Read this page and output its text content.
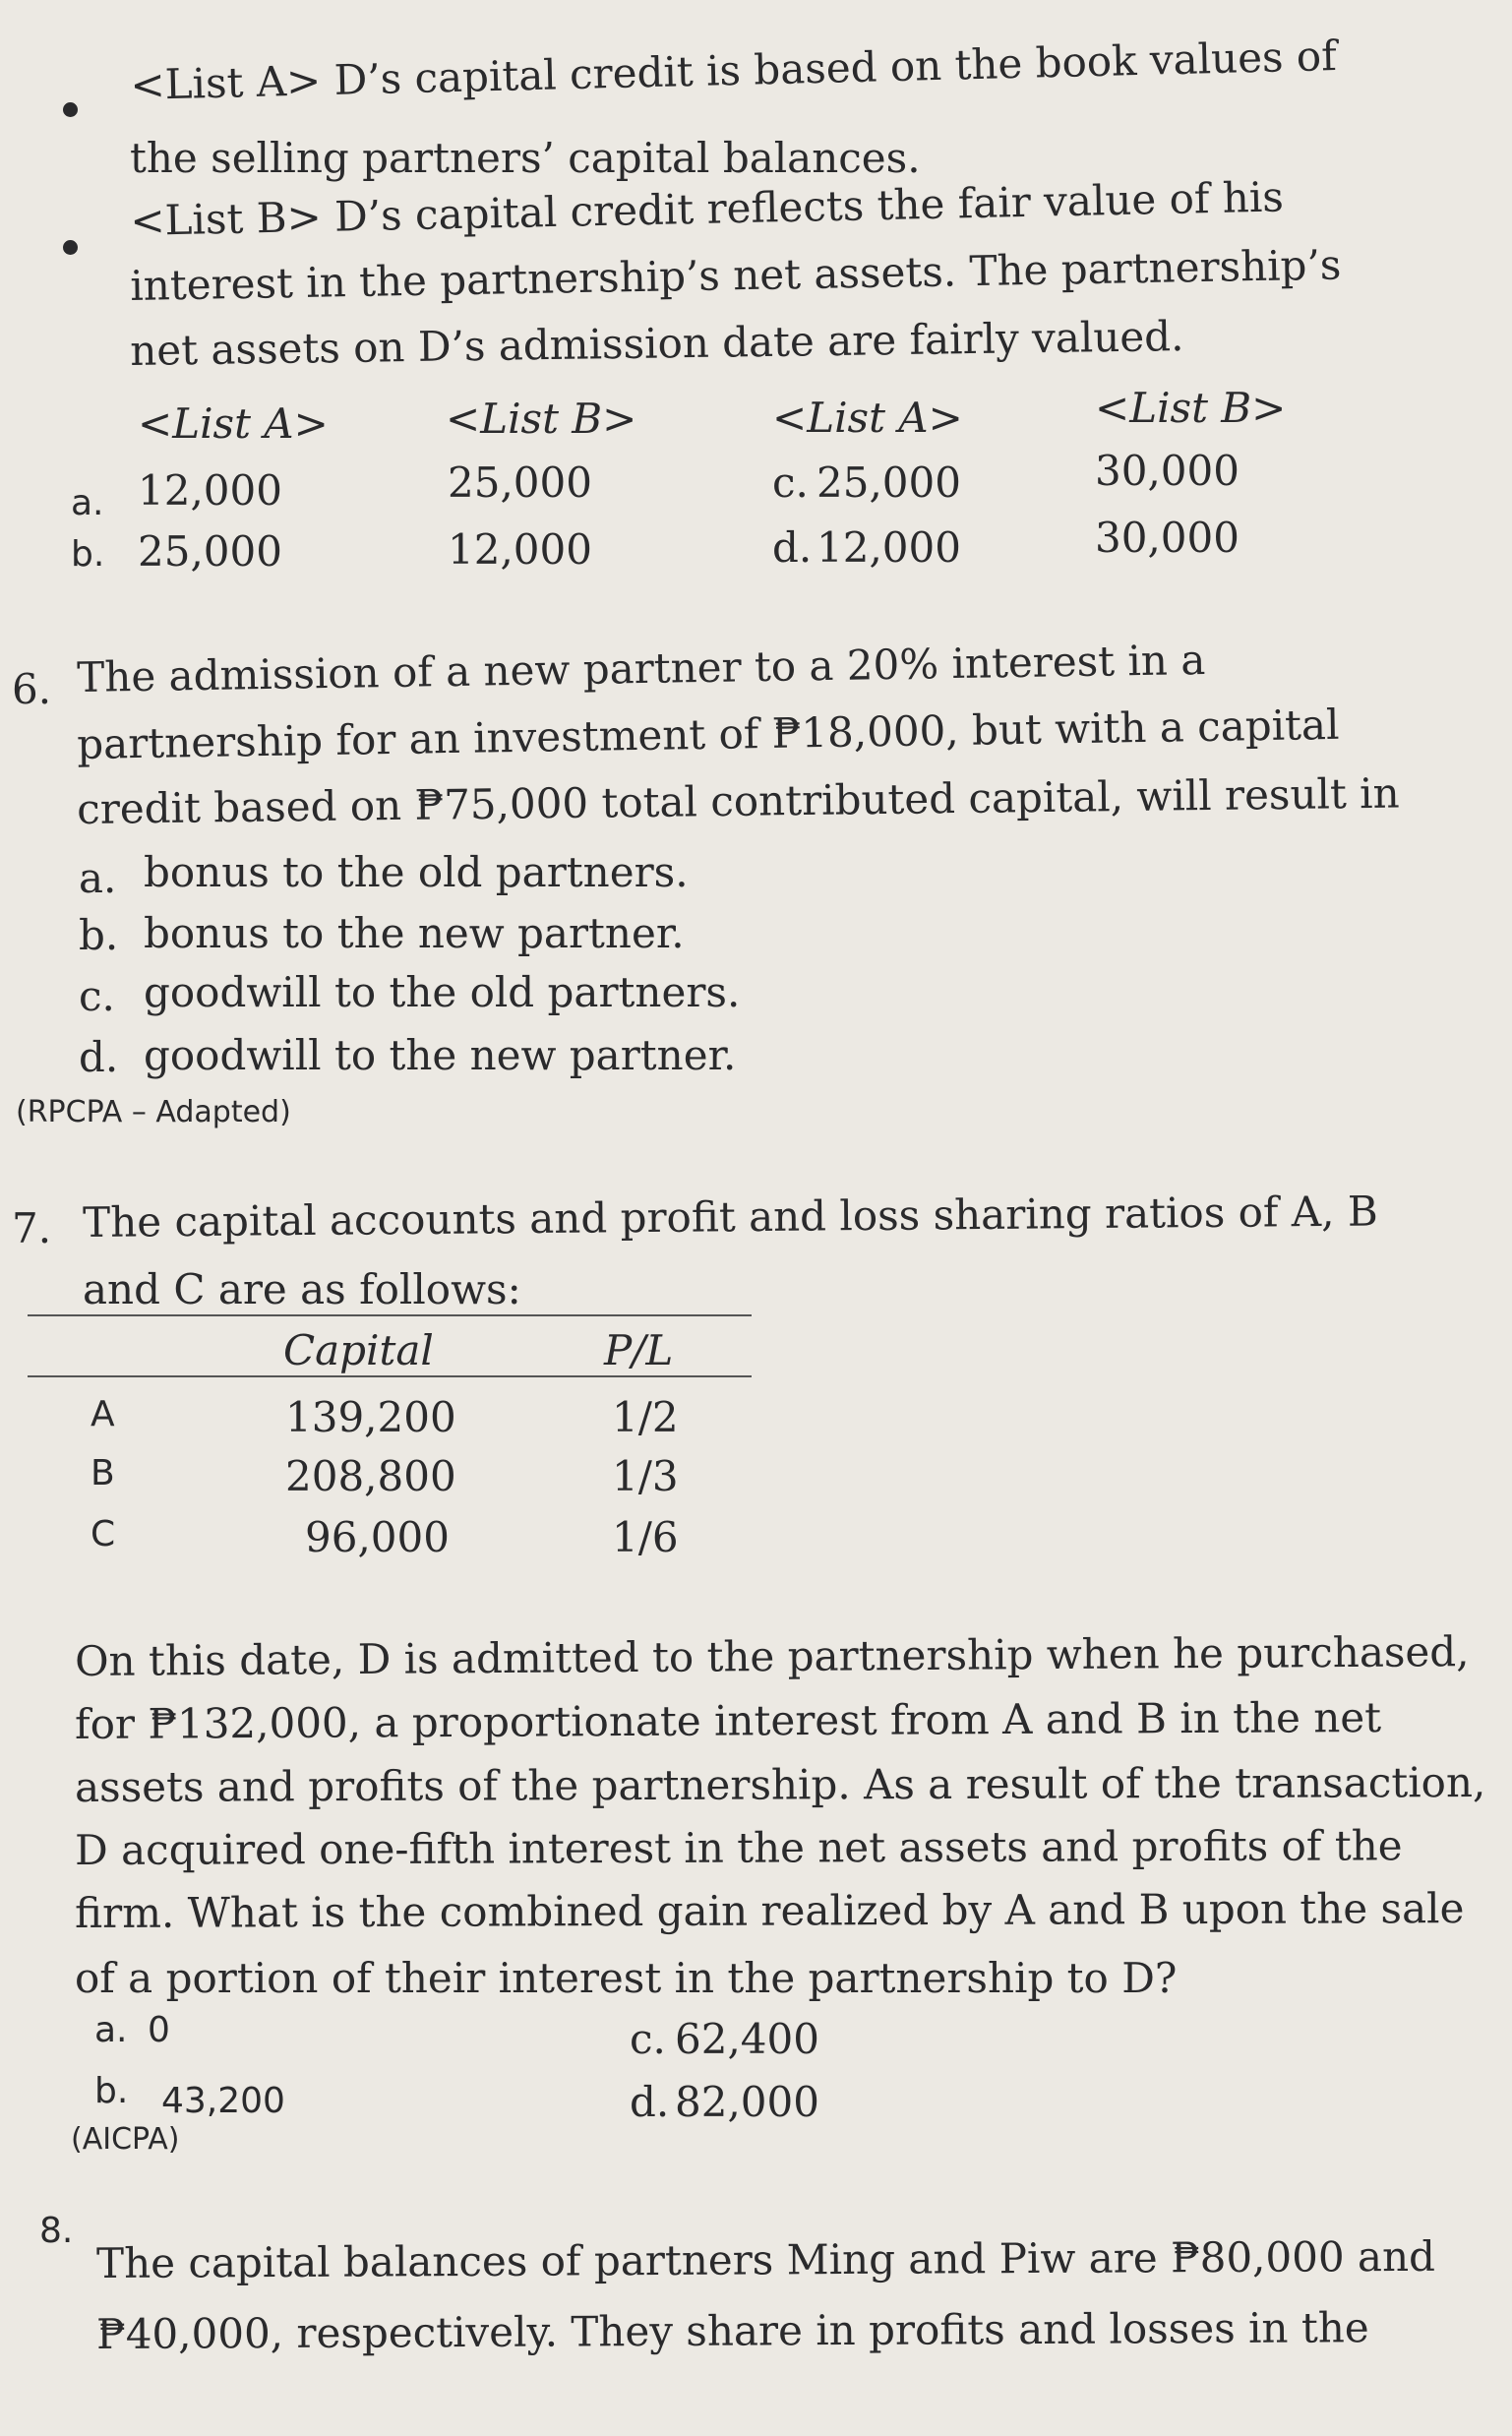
<List A> D’s capital credit is based on the book values of
the selling partners’ capital balances.
<List B> D’s capital credit reflects the fair value of his
interest in the partnership’s net assets. The partnership’s
net assets on D’s admission date are fairly valued.
<List A>	<List B>	<List A>	<List B>
a. 12,000	25,000	c. 25,000	30,000
b. 25,000	12,000	d. 12,000	30,000
6. The admission of a new partner to a 20% interest in a
partnership for an investment of ₱18,000, but with a capital
credit based on ₱75,000 total contributed capital, will result in
a. bonus to the old partners.
b. bonus to the new partner.
c. goodwill to the old partners.
d. goodwill to the new partner.
(RPCPA – Adapted)
7. The capital accounts and profit and loss sharing ratios of A, B
and C are as follows:
Capital	P/L
A	139,200	1/2
B	208,800	1/3
C	96,000	1/6
On this date, D is admitted to the partnership when he purchased,
for ₱132,000, a proportionate interest from A and B in the net
assets and profits of the partnership. As a result of the transaction,
D acquired one-fifth interest in the net assets and profits of the
firm. What is the combined gain realized by A and B upon the sale
of a portion of their interest in the partnership to D?
a. 0	c. 62,400
b. 43,200	d. 82,000
(AICPA)
8.
The capital balances of partners Ming and Piw are ₱80,000 and
₱40,000, respectively. They share in profits and losses in the
